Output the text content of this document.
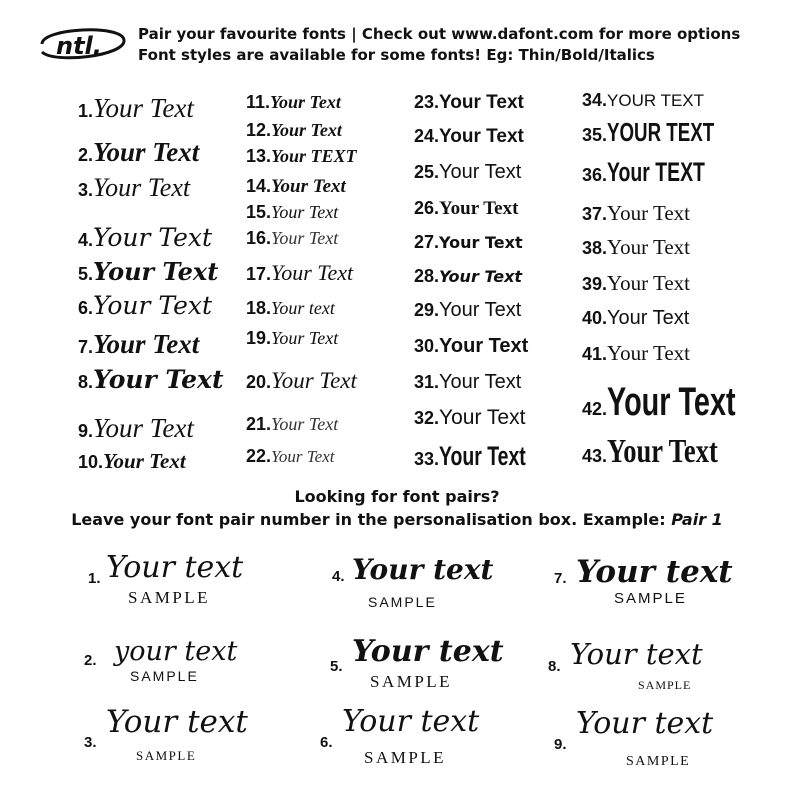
ntl. Pair your favourite fonts | Check out www.dafont.com for more options
Font styles are available for some fonts! Eg: Thin/Bold/Italics
1.Your Text
2.Your Text
3.Your Text
4.Your Text
5.Your Text
6.Your Text
7.Your Text
8.Your Text
9.Your Text
10.Your Text
11.Your Text
12.Your Text
13.Your TEXT
14.Your Text
15.Your Text
16.Your Text
17.Your Text
18.Your text
19.Your Text
20.Your Text
21.Your Text
22.Your Text
23.Your Text
24.Your Text
25.Your Text
26.Your Text
27.Your Text
28.Your Text
29.Your Text
30.Your Text
31.Your Text
32.Your Text
33.Your Text
34.YOUR TEXT
35.YOUR TEXT
36.Your TEXT
37.Your Text
38.Your Text
39.Your Text
40.Your Text
41.Your Text
42.Your Text
43.Your Text
Looking for font pairs?
Leave your font pair number in the personalisation box. Example: Pair 1
1. Your text
SAMPLE
4. Your text
SAMPLE
7. Your text
SAMPLE
2. your text
SAMPLE
5. Your text
SAMPLE
8. Your text
SAMPLE
3.
Your text
SAMPLE
6.
Your text
SAMPLE
9.
Your text
SAMPLE
